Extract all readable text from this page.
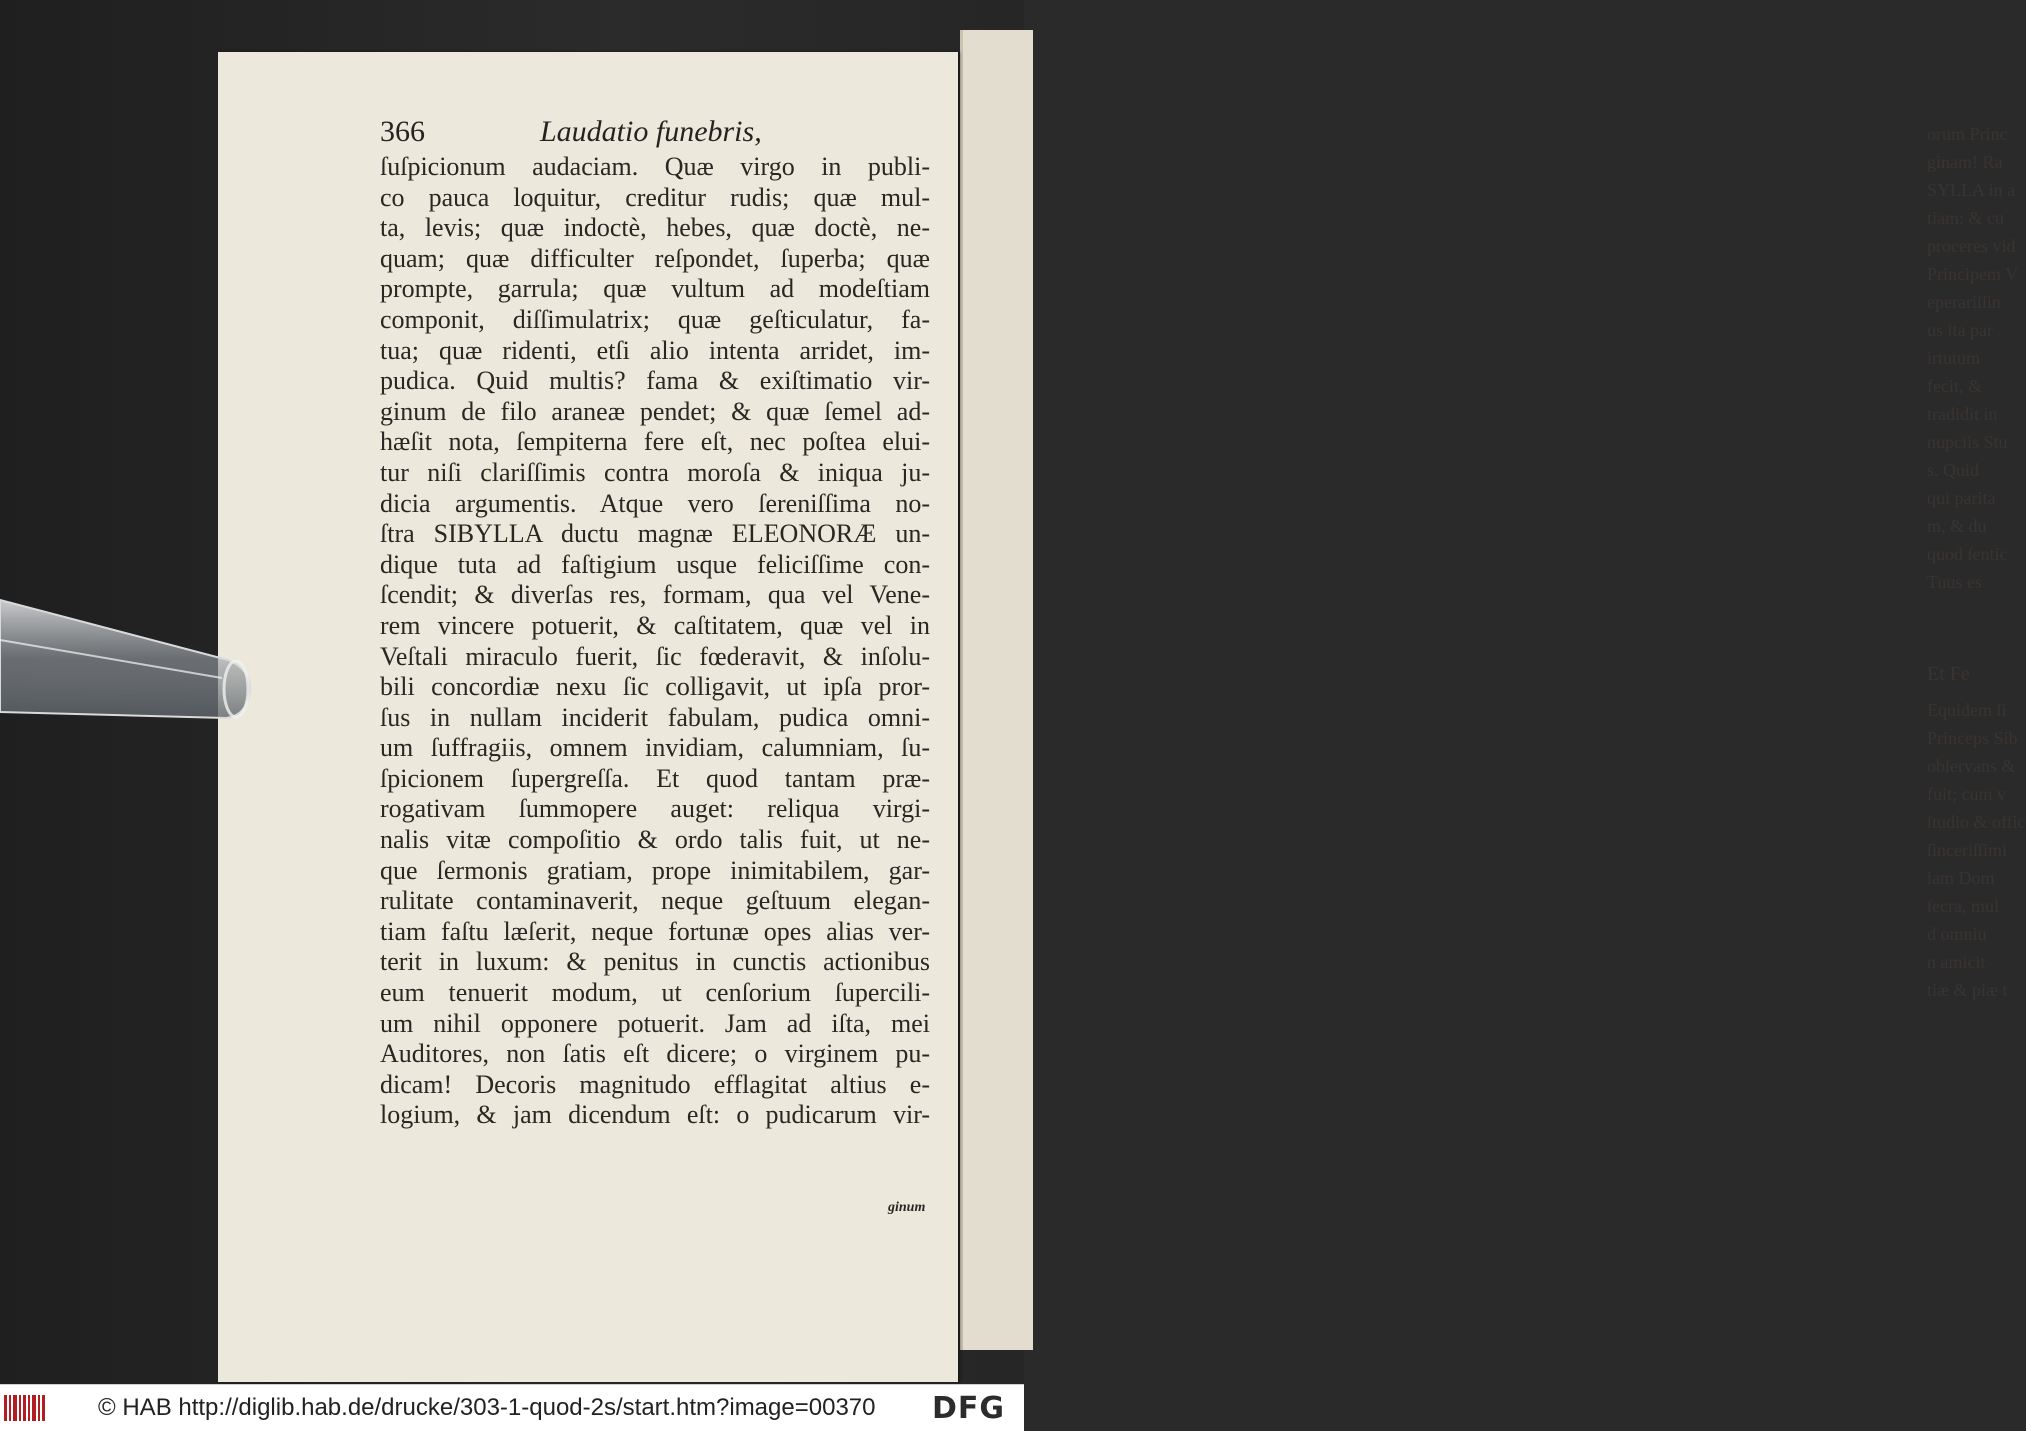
orum Princ
ginam! Ra
SYLLA in a
tiam: & cu
proceres vid
Principem V
eperariſſin
us ita par
irtutum
fecit, &
tradidit in
nupciis Stu
s. Quid
qui parita
m, & du
quod ſentic
Tuus es
Et Fe
Equidem ſi
Princeps Sib
obſervans &
fuit; cum v
ſtudio & offic
ſinceriſſimi
iam Dom
ſecra, mul
d omniu
n amicit
tiæ & piæ t
366	Laudatio funebris,
ſuſpicionum audaciam. Quæ virgo in publi-
co pauca loquitur, creditur rudis; quæ mul-
ta, levis; quæ indoctè, hebes, quæ doctè, ne-
quam; quæ difficulter reſpondet, ſuperba; quæ
prompte, garrula; quæ vultum ad modeſtiam
componit, diſſimulatrix; quæ geſticulatur, fa-
tua; quæ ridenti, etſi alio intenta arridet, im-
pudica. Quid multis? fama & exiſtimatio vir-
ginum de filo araneæ pendet; & quæ ſemel ad-
hæſit nota, ſempiterna fere eſt, nec poſtea elui-
tur niſi clariſſimis contra moroſa & iniqua ju-
dicia argumentis. Atque vero ſereniſſima no-
ſtra SIBYLLA ductu magnæ ELEONORÆ un-
dique tuta ad faſtigium usque feliciſſime con-
ſcendit; & diverſas res, formam, qua vel Vene-
rem vincere potuerit, & caſtitatem, quæ vel in
Veſtali miraculo fuerit, ſic fœderavit, & inſolu-
bili concordiæ nexu ſic colligavit, ut ipſa pror-
ſus in nullam inciderit fabulam, pudica omni-
um ſuffragiis, omnem invidiam, calumniam, ſu-
ſpicionem ſupergreſſa. Et quod tantam præ-
rogativam ſummopere auget: reliqua virgi-
nalis vitæ compoſitio & ordo talis fuit, ut ne-
que ſermonis gratiam, prope inimitabilem, gar-
rulitate contaminaverit, neque geſtuum elegan-
tiam faſtu læſerit, neque fortunæ opes alias ver-
terit in luxum: & penitus in cunctis actionibus
eum tenuerit modum, ut cenſorium ſupercili-
um nihil opponere potuerit. Jam ad iſta, mei
Auditores, non ſatis eſt dicere; o virginem pu-
dicam! Decoris magnitudo efflagitat altius e-
logium, & jam dicendum eſt: o pudicarum vir-
ginum
© HAB http://diglib.hab.de/drucke/303-1-quod-2s/start.htm?image=00370 DFG
